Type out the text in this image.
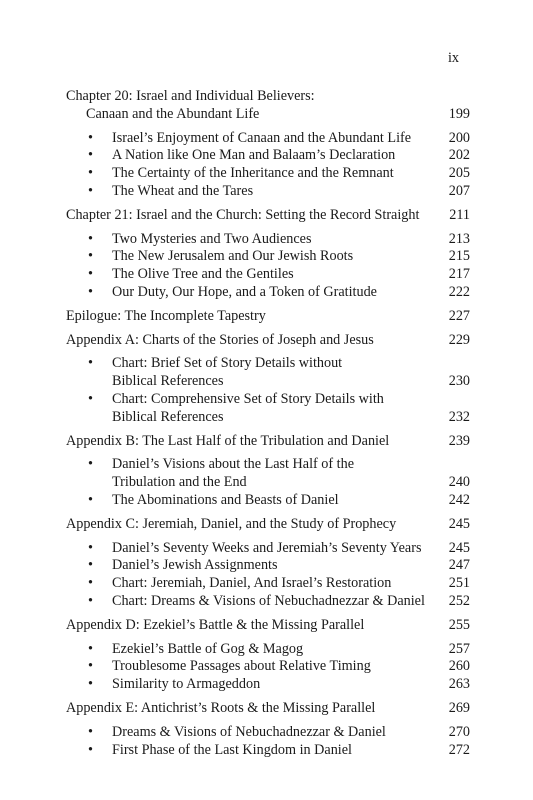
ix
Chapter 20: Israel and Individual Believers:
Canaan and the Abundant Life	199
• Israel’s Enjoyment of Canaan and the Abundant Life	200
• A Nation like One Man and Balaam’s Declaration	202
• The Certainty of the Inheritance and the Remnant	205
• The Wheat and the Tares	207
Chapter 21: Israel and the Church: Setting the Record Straight 211
• Two Mysteries and Two Audiences	213
• The New Jerusalem and Our Jewish Roots	215
• The Olive Tree and the Gentiles	217
• Our Duty, Our Hope, and a Token of Gratitude	222
Epilogue: The Incomplete Tapestry	227
Appendix A: Charts of the Stories of Joseph and Jesus	229
• Chart: Brief Set of Story Details without
Biblical References	230
• Chart: Comprehensive Set of Story Details with
Biblical References	232
Appendix B: The Last Half of the Tribulation and Daniel	239
• Daniel’s Visions about the Last Half of the
Tribulation and the End	240
• The Abominations and Beasts of Daniel	242
Appendix C: Jeremiah, Daniel, and the Study of Prophecy	245
• Daniel’s Seventy Weeks and Jeremiah’s Seventy Years 245
• Daniel’s Jewish Assignments	247
• Chart: Jeremiah, Daniel, And Israel’s Restoration	251
• Chart: Dreams & Visions of Nebuchadnezzar & Daniel 252
Appendix D: Ezekiel’s Battle & the Missing Parallel	255
• Ezekiel’s Battle of Gog & Magog	257
• Troublesome Passages about Relative Timing	260
• Similarity to Armageddon	263
Appendix E: Antichrist’s Roots & the Missing Parallel	269
• Dreams & Visions of Nebuchadnezzar & Daniel	270
• First Phase of the Last Kingdom in Daniel	272
